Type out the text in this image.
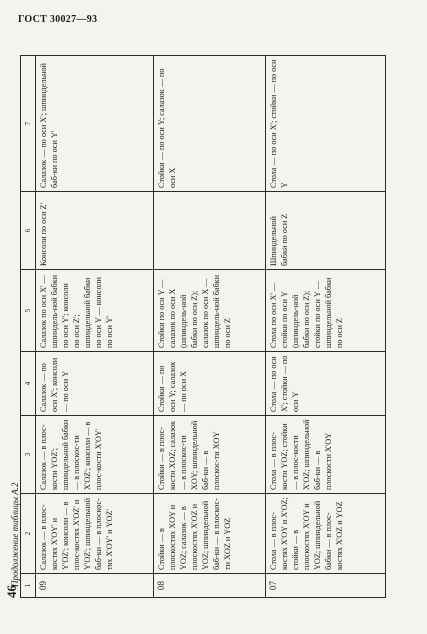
ГОСТ 30027—93
46
Продолжение таблицы А.2 1	2	3	4	5	6	7
09	Салазок — в плос-костях X'OY' и Y'OZ'; консоли — в плос-костях X'OZ' и Y'OZ'; шпиндельной баб-ки — в плоскос-тях X'OY' и YOZ'	Салазок — в плос-кости YOZ'; шпиндельной бабки — в плоскос-ти X'OZ'; консоли — в плос-кости X'OY'	Салазок — по оси X'; консоли — по оси Y	Салазок по оси X' — шпиндель-ной бабки по оси Y'; консоли по оси Z'; шпиндельной бабки по оси Y — консоли по оси Y'	Консоли по оси Z'	Салазок — по оси X'; шпиндельной баб-ки по оси Y'
08	Стойки — в плоскостях XOY и YOZ; салазок — в плоскостях X'OZ и YOZ; шпиндельной баб-ки — в плоскос-ти XOZ и YOZ	Стойки — в плос-кости XOZ; салазок — в плоскос-ти XOY; шпиндельной баб-ки — в плоскос-ти XOY	Стойки — по оси Y; салазок — по оси X	Стойки по оси Y — салазок по оси X (шпиндель-ной бабки по оси Z); салазок по оси X — шпиндель-ной бабки по оси Z		Стойки — по оси Y; салазок — по оси X
07	Стола — в плос-костях X'OY и X'OZ; стойки — в плоскостях X'OY и YOZ; шпиндельной бабки — в плос-костях X'OZ и YOZ	Стола — в плос-кости YOZ; стойки — в плос-кости X'OZ; шпиндельной баб-ки — в плоскости X'OY	Стола — по оси X'; стойки — по оси Y	Стола по оси X' — стойки по оси Y (шпиндель-ной бабки по оси Z); стойки по оси Y — шпиндельной бабки по оси Z	Шпиндельной бабки по оси Z	Стола — по оси X'; стойки — по оси Y
